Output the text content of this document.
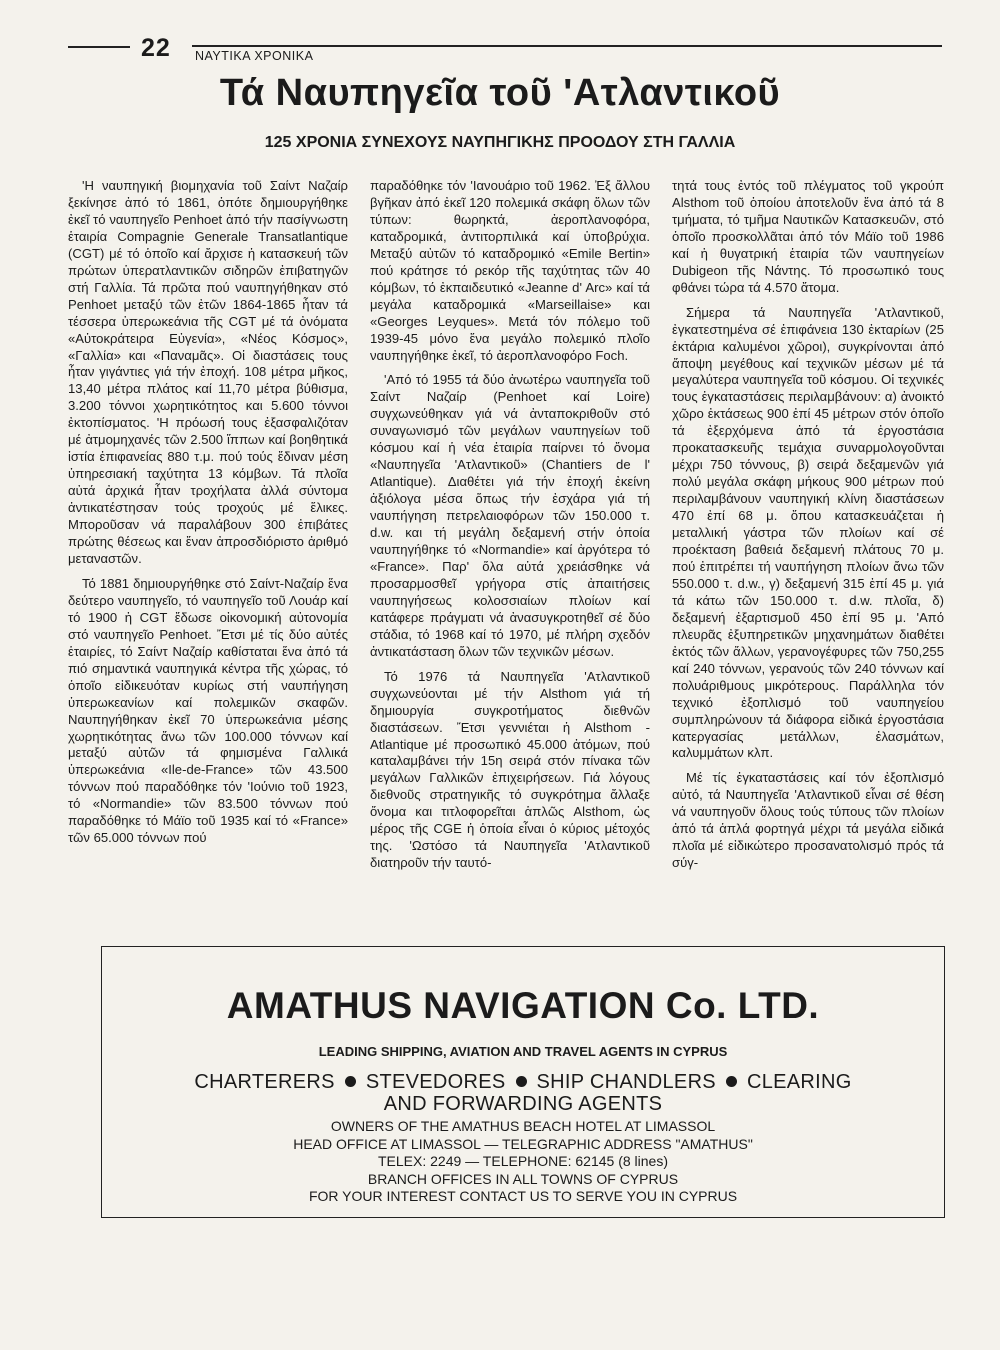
22 ΝΑΥΤΙΚΑ ΧΡΟΝΙΚΑ
Τά Ναυπηγεῖα τοῦ 'Ατλαντικοῦ
125 ΧΡΟΝΙΑ ΣΥΝΕΧΟΥΣ ΝΑΥΠΗΓΙΚΗΣ ΠΡΟΟΔΟΥ ΣΤΗ ΓΑΛΛΙΑ

'Η ναυπηγική βιομηχανία τοῦ Σαίντ Ναζαίρ ξεκίνησε ἀπό τό 1861, ὁπότε δημιουργήθηκε ἐκεῖ τό ναυπηγεῖο Penhoet ἀπό τήν πασίγνωστη ἑταιρία Compagnie Generale Transatlantique (CGT) μέ τό ὁποῖο καί ἄρχισε ἡ κατασκευή τῶν πρώτων ὑπερατλαντικῶν σιδηρῶν ἐπιβατηγῶν στή Γαλλία. Τά πρῶτα πού ναυπηγήθηκαν στό Penhoet μεταξύ τῶν ἐτῶν 1864-1865 ἦταν τά τέσσερα ὑπερωκεάνια τῆς CGT μέ τά ὀνόματα «Αὐτοκράτειρα Εὐγενία», «Νέος Κόσμος», «Γαλλία» και «Παναμᾶς». Οἱ διαστάσεις τους ἦταν γιγάντιες γιά τήν ἐποχή. 108 μέτρα μῆκος, 13,40 μέτρα πλάτος καί 11,70 μέτρα βύθισμα, 3.200 τόννοι χωρητικότητος και 5.600 τόννοι ἐκτοπίσματος. 'Η πρόωσή τους ἐξασφαλιζόταν μέ ἀτμομηχανές τῶν 2.500 ἵππων καί βοηθητικά ἱστία ἐπιφανείας 880 τ.μ. πού τούς ἔδιναν μέση ὑπηρεσιακή ταχύτητα 13 κόμβων. Τά πλοῖα αὐτά ἀρχικά ἦταν τροχήλατα ἀλλά σύντομα ἀντικατέστησαν τούς τροχούς μέ ἕλικες. Μποροῦσαν νά παραλάβουν 300 ἐπιβάτες πρώτης θέσεως και ἕναν ἀπροσδιόριστο ἀριθμό μεταναστῶν.

Τό 1881 δημιουργήθηκε στό Σαίντ-Ναζαίρ ἕνα δεύτερο ναυπηγεῖο, τό ναυπηγεῖο τοῦ Λουάρ καί τό 1900 ἡ CGT ἔδωσε οἰκονομική αὐτονομία στό ναυπηγεῖο Penhoet. Ἔτσι μέ τίς δύο αὐτές ἑταιρίες, τό Σαίντ Ναζαίρ καθίσταται ἕνα ἀπό τά πιό σημαντικά ναυπηγικά κέντρα τῆς χώρας, τό ὁποῖο εἰδικευόταν κυρίως στή ναυπήγηση ὑπερωκεανίων καί πολεμικῶν σκαφῶν. Ναυπηγήθηκαν ἐκεῖ 70 ὑπερωκεάνια μέσης χωρητικότητας ἄνω τῶν 100.000 τόννων καί μεταξύ αὐτῶν τά φημισμένα Γαλλικά ὑπερωκεάνια «Ile-de-France» τῶν 43.500 τόννων πού παραδόθηκε τόν 'Ιούνιο τοῦ 1923, τό «Normandie» τῶν 83.500 τόννων πού παραδόθηκε τό Μάϊο τοῦ 1935 καί τό «France» τῶν 65.000 τόννων πού

παραδόθηκε τόν 'Ιανουάριο τοῦ 1962. Ἐξ ἄλλου βγῆκαν ἀπό ἐκεῖ 120 πολεμικά σκάφη ὅλων τῶν τύπων: θωρηκτά, ἀεροπλανοφόρα, καταδρομικά, ἀντιτορπιλικά καί ὑποβρύχια. Μεταξύ αὐτῶν τό καταδρομικό «Emile Bertin» πού κράτησε τό ρεκόρ τῆς ταχύτητας τῶν 40 κόμβων, τό ἐκπαιδευτικό «Jeanne d' Arc» καί τά μεγάλα καταδρομικά «Marseillaise» και «Georges Leyques». Μετά τόν πόλεμο τοῦ 1939-45 μόνο ἕνα μεγάλο πολεμικό πλοῖο ναυπηγήθηκε ἐκεῖ, τό ἀεροπλανοφόρο Foch.

'Από τό 1955 τά δύο ἀνωτέρω ναυπηγεῖα τοῦ Σαίντ Ναζαίρ (Penhoet καί Loire) συγχωνεύθηκαν γιά νά ἀνταποκριθοῦν στό συναγωνισμό τῶν μεγάλων ναυπηγείων τοῦ κόσμου καί ἡ νέα ἑταιρία παίρνει τό ὄνομα «Ναυπηγεῖα 'Ατλαντικοῦ» (Chantiers de l' Atlantique). Διαθέτει γιά τήν ἐποχή ἐκείνη ἀξιόλογα μέσα ὅπως τήν ἐσχάρα γιά τή ναυπήγηση πετρελαιοφόρων τῶν 150.000 τ. d.w. και τή μεγάλη δεξαμενή στήν ὁποία ναυπηγήθηκε τό «Normandie» καί ἀργότερα τό «France». Παρ' ὅλα αὐτά χρειάσθηκε νά προσαρμοσθεῖ γρήγορα στίς ἀπαιτήσεις ναυπηγήσεως κολοσσιαίων πλοίων καί κατάφερε πράγματι νά ἀνασυγκροτηθεῖ σέ δύο στάδια, τό 1968 καί τό 1970, μέ πλήρη σχεδόν ἀντικατάσταση ὅλων τῶν τεχνικῶν μέσων.

Τό 1976 τά Ναυπηγεῖα 'Ατλαντικοῦ συγχωνεύονται μέ τήν Alsthom γιά τή δημιουργία συγκροτήματος διεθνῶν διαστάσεων. Ἔτσι γεννιέται ἡ Alsthom - Atlantique μέ προσωπικό 45.000 ἀτόμων, πού καταλαμβάνει τήν 15η σειρά στόν πίνακα τῶν μεγάλων Γαλλικῶν ἐπιχειρήσεων. Γιά λόγους διεθνοῦς στρατηγικῆς τό συγκρότημα ἄλλαξε ὄνομα και τιτλοφορεῖται ἁπλῶς Alsthom, ὡς μέρος τῆς CGE ἡ ὁποία εἶναι ὁ κύριος μέτοχός της. 'Ωστόσο τά Ναυπηγεῖα 'Ατλαντικοῦ διατηροῦν τήν ταυτό-

τητά τους ἐντός τοῦ πλέγματος τοῦ γκρούπ Alsthom τοῦ ὁποίου ἀποτελοῦν ἕνα ἀπό τά 8 τμήματα, τό τμῆμα Ναυτικῶν Κατασκευῶν, στό ὁποῖο προσκολλᾶται ἀπό τόν Μάϊο τοῦ 1986 καί ἡ θυγατρική ἑταιρία τῶν ναυπηγείων Dubigeon τῆς Νάντης. Τό προσωπικό τους φθάνει τώρα τά 4.570 ἄτομα.

Σήμερα τά Ναυπηγεῖα 'Ατλαντικοῦ, ἐγκατεστημένα σέ ἐπιφάνεια 130 ἐκταρίων (25 ἑκτάρια καλυμένοι χῶροι), συγκρίνονται ἀπό ἄποψη μεγέθους καί τεχνικῶν μέσων μέ τά μεγαλύτερα ναυπηγεῖα τοῦ κόσμου. Οἱ τεχνικές τους ἐγκαταστάσεις περιλαμβάνουν: α) ἀνοικτό χῶρο ἐκτάσεως 900 ἐπί 45 μέτρων στόν ὁποῖο τά ἐξερχόμενα ἀπό τά ἐργοστάσια προκατασκευῆς τεμάχια συναρμολογοῦνται μέχρι 750 τόννους, β) σειρά δεξαμενῶν γιά πολύ μεγάλα σκάφη μήκους 900 μέτρων πού περιλαμβάνουν ναυπηγική κλίνη διαστάσεων 470 ἐπί 68 μ. ὅπου κατασκευάζεται ἡ μεταλλική γάστρα τῶν πλοίων καί σέ προέκταση βαθειά δεξαμενή πλάτους 70 μ. πού ἐπιτρέπει τή ναυπήγηση πλοίων ἄνω τῶν 550.000 τ. d.w., γ) δεξαμενή 315 ἐπί 45 μ. γιά τά κάτω τῶν 150.000 τ. d.w. πλοῖα, δ) δεξαμενή ἐξαρτισμοῦ 450 ἐπί 95 μ. 'Από πλευρᾶς ἐξυπηρετικῶν μηχανημάτων διαθέτει ἐκτός τῶν ἄλλων, γερανογέφυρες τῶν 750,255 καί 240 τόννων, γερανούς τῶν 240 τόννων καί πολυάριθμους μικρότερους. Παράλληλα τόν τεχνικό ἐξοπλισμό τοῦ ναυπηγείου συμπληρώνουν τά διάφορα εἰδικά ἐργοστάσια κατεργασίας μετάλλων, ἐλασμάτων, καλυμμάτων κλπ.

Μέ τίς ἐγκαταστάσεις καί τόν ἐξοπλισμό αὐτό, τά Ναυπηγεῖα 'Ατλαντικοῦ εἶναι σέ θέση νά ναυπηγοῦν ὅλους τούς τύπους τῶν πλοίων ἀπό τά ἁπλά φορτηγά μέχρι τά μεγάλα εἰδικά πλοῖα μέ εἰδικώτερο προσανατολισμό πρός τά σύγ-

AMATHUS NAVIGATION Co. LTD.
LEADING SHIPPING, AVIATION AND TRAVEL AGENTS IN CYPRUS
CHARTERERS STEVEDORES SHIP CHANDLERS CLEARING
AND FORWARDING AGENTS
OWNERS OF THE AMATHUS BEACH HOTEL AT LIMASSOL
HEAD OFFICE AT LIMASSOL — TELEGRAPHIC ADDRESS "AMATHUS"
TELEX: 2249 — TELEPHONE: 62145 (8 lines)
BRANCH OFFICES IN ALL TOWNS OF CYPRUS
FOR YOUR INTEREST CONTACT US TO SERVE YOU IN CYPRUS
